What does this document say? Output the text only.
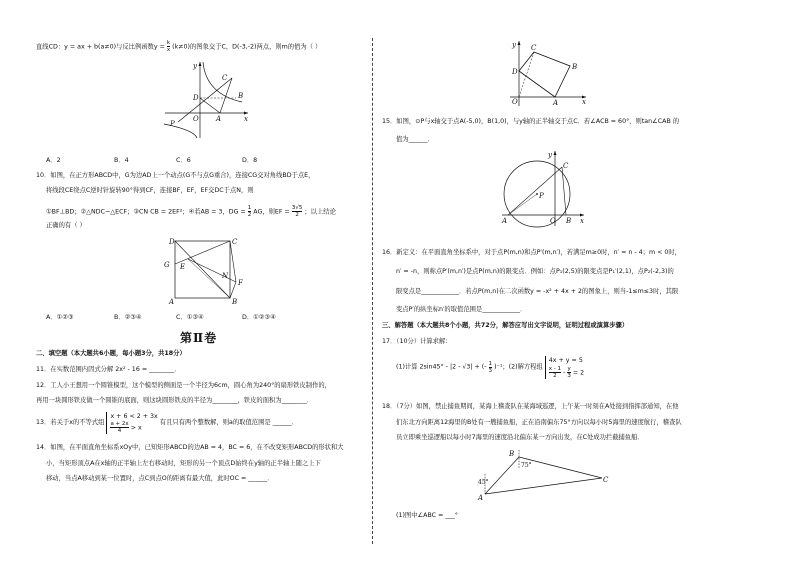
直线CD：y = ax + b(a≠0)与反比例函数$y = \frac{k}{x} (k\ne 0)$的图象交于C，D(-3,-2)两点，则m的值为（ ）
y
C
D	B
P
O A	x
A．2	B．4	C．6	D．8
10．如图，在正方形ABCD中，G为边AD上一个动点(G不与点G重合)，连接CG交对角线BD于点E，
将线段CE绕点C逆时针旋转90°得到CF，连接BF，EF，EF交DC于点N，则
①BF⊥BD；②△NDC∽△ECF；③CN CB = 2EF²；④若AB = 3，DG = $\frac{1}{2}$ AG，则EF = $\frac{3√5}{2}$ ；以上结论
正确的有（ ）
D	C
G E
N
F
A	B
A．①②③	B．②③④	C．①③④	D．①②③④
第Ⅱ卷
二、填空题（本大题共6小题，每小题3分，共18分）
11．在实数范围内因式分解 2x² - 16 = ________．
12．工人小王想用一个圆锥模型，这个模型的侧面是一个半径为6cm，圆心角为240°的扇形铁皮制作的，
再用一块圆形铁皮做一个圆锥的底面，则这块圆形铁皮的半径为________，铁皮的面积为________．
13．若关于x的不等式组
x + 6 < 2 + 3x
$\frac{a + 2x}{4} > x$
有且只有两个整数解，则a的取值范围是 ______．
14．如图，在平面直角坐标系xOy中，已知矩形ABCD的边AB = 4，BC = 6，在不改变矩形ABCD的形状和大
小，当矩形顶点A在x轴的正半轴上左右移动时，矩形的另一个顶点D始终在y轴的正半轴上随之上下
移动，当点A移动到某一位置时，点C到点O的距离有最大值，此时OC = ______．
y C
D
B
O	A	x
15．如图，⊙P与x轴交于点A(-5,0)，B(1,0)，与y轴的正半轴交于点C．若∠ACB = 60°，则tan∠CAB 的
值为______．
y
C
P
A	O B x
16．新定义：在平面直角坐标系中，对于点P(m,n)和点P′(m,n′)，若满足m≥0时，n′ = n - 4；m < 0时，
n′ = -n，则称点P′(m,n′)是点P(m,n)的限变点．例如：点P₁(2,5)的限变点是P₁′(2,1)，点P₂(-2,3)的
限变点是____________．若点P(m,n)在二次函数y = -x² + 4x + 2的图象上，则当-1≤m≤3时，其限
变点P′的纵坐标n′的取值范围是____________．
三、解答题（本大题共8个小题，共72分，解答应写出文字说明，证明过程或演算步骤）
17．（10分）计算求解：
(1)计算 2sin45° - |2 - √3| + (- $\frac{1}{3} )^{-1}$；(2)解方程组
4x + y = 5
$\frac{x - 1}{2} - \frac{y}{3} = 2$
18．（7分）如图，禁止捕鱼期间，某海上稽查队在某海域巡逻，上午某一时刻在A处接到指挥部通知，在他
们东北方向距离12海里的B处有一艘捕鱼船，正在沿南偏东75°方向以每小时5海里的速度航行，稽查队
员立即乘坐巡逻船以每小时7海里的速度沿北偏东某一方向出发，在C处成功拦截捕鱼船．
B
75°
45°
A
C
(1)图中∠ABC = ___°
